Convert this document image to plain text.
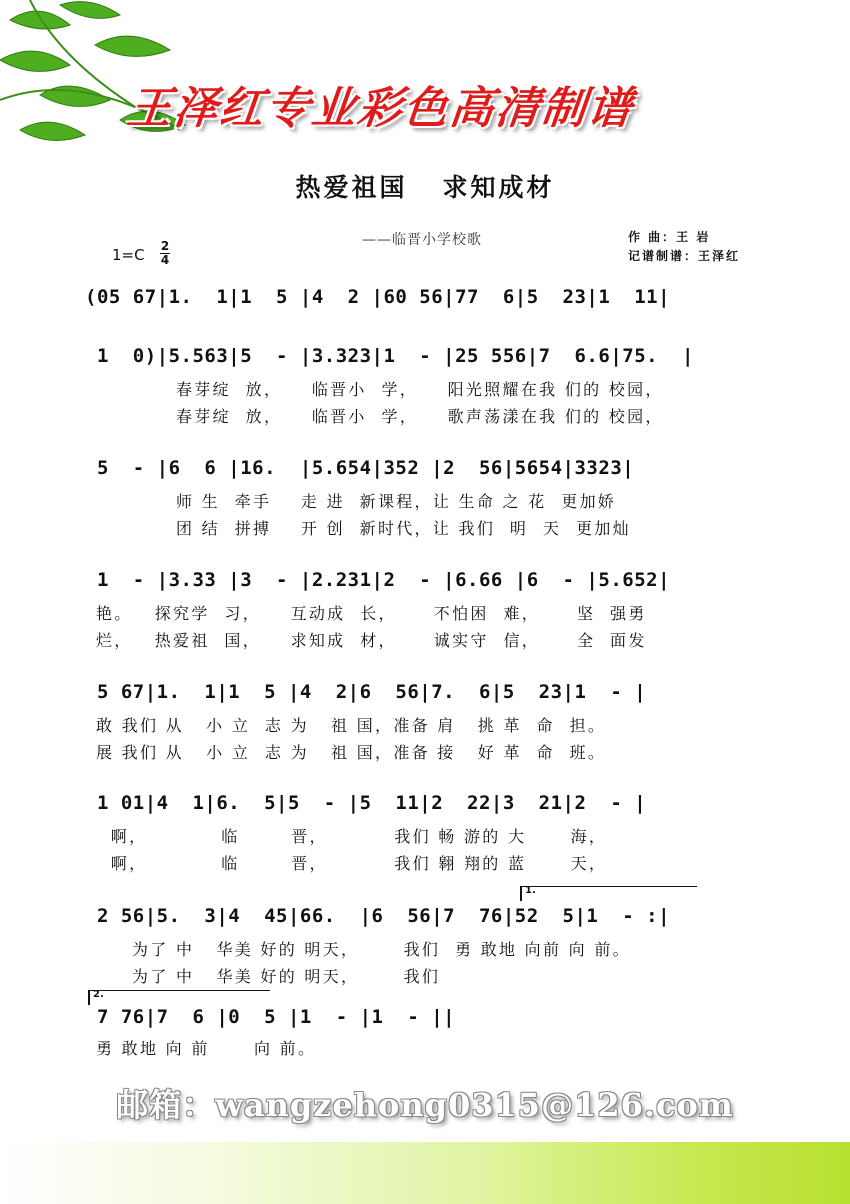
王泽红专业彩色高清制谱
热爱祖国   求知成材
——临晋小学校歌	作 曲：王 岩
记谱制谱：王泽红
1=C 2
4
(05 67|1.  1|1  5 |4  2 |60 56|77  6|5  23|1  11|
1  0)|5.563|5  - |3.323|1  - |25 556|7  6.6|75.  |
春芽绽  放，    临晋小  学，    阳光照耀在我 们的 校园，
春芽绽  放，    临晋小  学，    歌声荡漾在我 们的 校园，
5  - |6  6 |16.  |5.654|352 |2  56|5654|3323|
师 生  牵手    走 进  新课程，让 生命 之 花  更加娇
团 结  拼搏    开 创  新时代，让 我们  明  天  更加灿
1  - |3.33 |3  - |2.231|2  - |6.66 |6  - |5.652|
艳。   探究学  习，    互动成  长，     不怕困  难，     坚  强勇
烂，   热爱祖  国，    求知成  材，     诚实守  信，     全  面发
5 67|1.  1|1  5 |4  2|6  56|7.  6|5  23|1  - |
敢 我们 从   小 立  志 为   祖 国，准备 肩   挑 革  命  担。
展 我们 从   小 立  志 为   祖 国，准备 接   好 革  命  班。
1 01|4  1|6.  5|5  - |5  11|2  22|3  21|2  - |
啊，          临       晋，         我们 畅 游的 大      海，
啊，          临       晋，         我们 翱 翔的 蓝      天，
1.
2 56|5.  3|4  45|66.  |6  56|7  76|52  5|1  - :|
为了 中   华美 好的 明天，      我们  勇 敢地 向前 向 前。
为了 中   华美 好的 明天，      我们
2.
7 76|7  6 |0  5 |1  - |1  - ||
勇 敢地 向 前      向 前。
邮箱：wangzehong0315@126.com
